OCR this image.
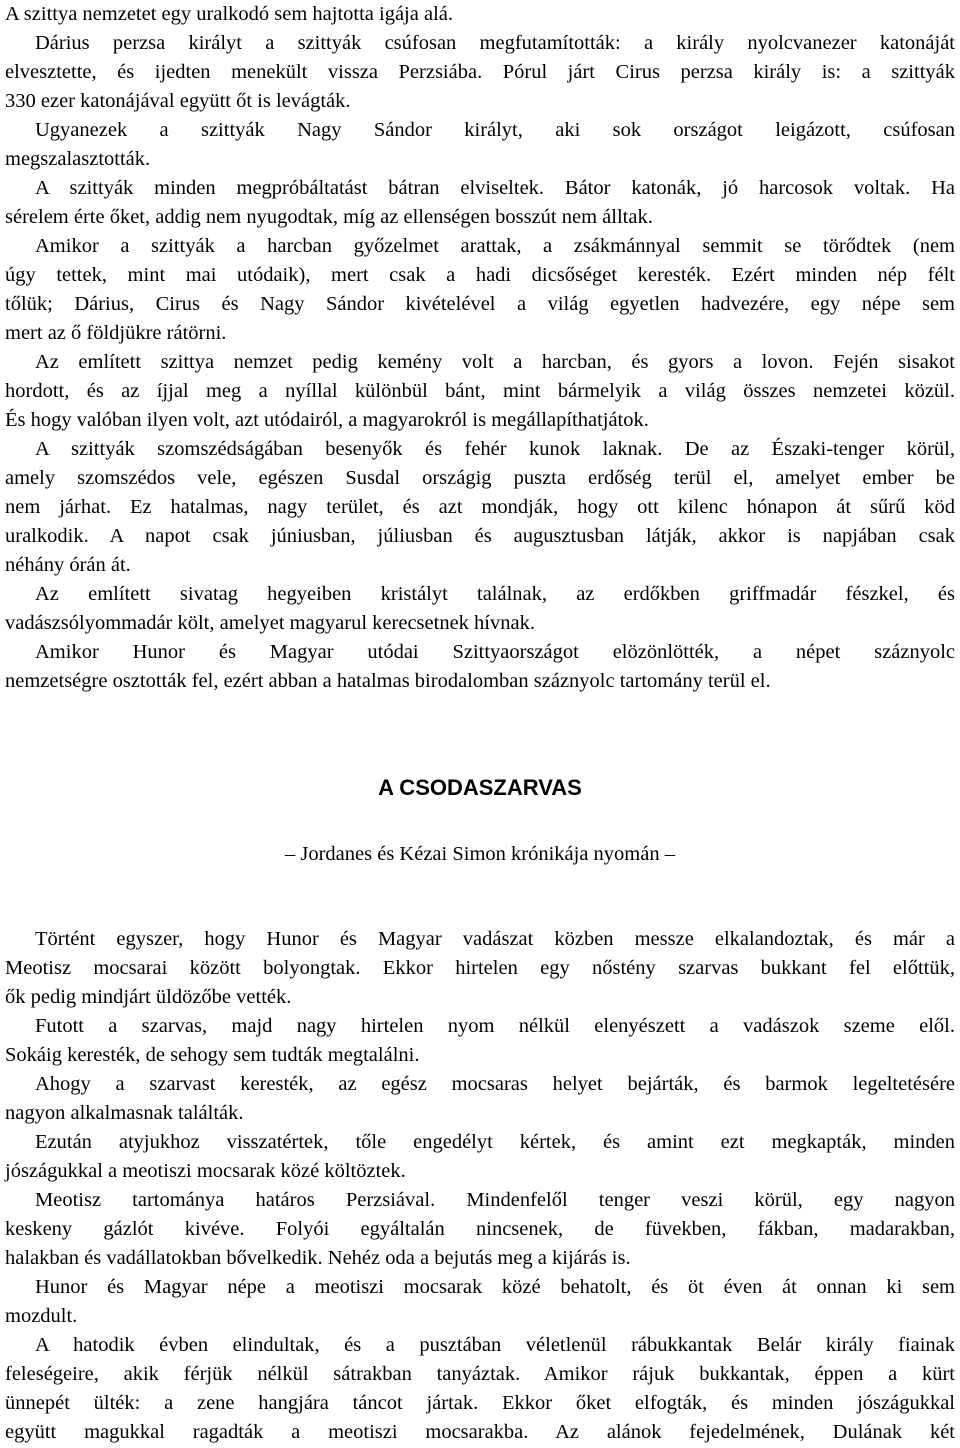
A szittya nemzetet egy uralkodó sem hajtotta igája alá.
Dárius perzsa királyt a szittyák csúfosan megfutamították: a király nyolcvanezer katonáját
elvesztette, és ijedten menekült vissza Perzsiába. Pórul járt Cirus perzsa király is: a szittyák
330 ezer katonájával együtt őt is levágták.
Ugyanezek a szittyák Nagy Sándor királyt, aki sok országot leigázott, csúfosan
megszalasztották.
A szittyák minden megpróbáltatást bátran elviseltek. Bátor katonák, jó harcosok voltak. Ha
sérelem érte őket, addig nem nyugodtak, míg az ellenségen bosszút nem álltak.
Amikor a szittyák a harcban győzelmet arattak, a zsákmánnyal semmit se törődtek (nem
úgy tettek, mint mai utódaik), mert csak a hadi dicsőséget keresték. Ezért minden nép félt
tőlük; Dárius, Cirus és Nagy Sándor kivételével a világ egyetlen hadvezére, egy népe sem
mert az ő földjükre rátörni.
Az említett szittya nemzet pedig kemény volt a harcban, és gyors a lovon. Fején sisakot
hordott, és az íjjal meg a nyíllal különbül bánt, mint bármelyik a világ összes nemzetei közül.
És hogy valóban ilyen volt, azt utódairól, a magyarokról is megállapíthatjátok.
A szittyák szomszédságában besenyők és fehér kunok laknak. De az Északi-tenger körül,
amely szomszédos vele, egészen Susdal országig puszta erdőség terül el, amelyet ember be
nem járhat. Ez hatalmas, nagy terület, és azt mondják, hogy ott kilenc hónapon át sűrű köd
uralkodik. A napot csak júniusban, júliusban és augusztusban látják, akkor is napjában csak
néhány órán át.
Az említett sivatag hegyeiben kristályt találnak, az erdőkben griffmadár fészkel, és
vadászsólyommadár költ, amelyet magyarul kerecsetnek hívnak.
Amikor Hunor és Magyar utódai Szittyaországot elözönlötték, a népet száznyolc
nemzetségre osztották fel, ezért abban a hatalmas birodalomban száznyolc tartomány terül el.
A CSODASZARVAS

– Jordanes és Kézai Simon krónikája nyomán –

Történt egyszer, hogy Hunor és Magyar vadászat közben messze elkalandoztak, és már a
Meotisz mocsarai között bolyongtak. Ekkor hirtelen egy nőstény szarvas bukkant fel előttük,
ők pedig mindjárt üldözőbe vették.
Futott a szarvas, majd nagy hirtelen nyom nélkül elenyészett a vadászok szeme elől.
Sokáig keresték, de sehogy sem tudták megtalálni.
Ahogy a szarvast keresték, az egész mocsaras helyet bejárták, és barmok legeltetésére
nagyon alkalmasnak találták.
Ezután atyjukhoz visszatértek, tőle engedélyt kértek, és amint ezt megkapták, minden
jószágukkal a meotiszi mocsarak közé költöztek.
Meotisz tartománya határos Perzsiával. Mindenfelől tenger veszi körül, egy nagyon
keskeny gázlót kivéve. Folyói egyáltalán nincsenek, de füvekben, fákban, madarakban,
halakban és vadállatokban bővelkedik. Nehéz oda a bejutás meg a kijárás is.
Hunor és Magyar népe a meotiszi mocsarak közé behatolt, és öt éven át onnan ki sem
mozdult.
A hatodik évben elindultak, és a pusztában véletlenül rábukkantak Belár király fiainak
feleségeire, akik férjük nélkül sátrakban tanyáztak. Amikor rájuk bukkantak, éppen a kürt
ünnepét ülték: a zene hangjára táncot jártak. Ekkor őket elfogták, és minden jószágukkal
együtt magukkal ragadták a meotiszi mocsarakba. Az alánok fejedelmének, Dulának két
